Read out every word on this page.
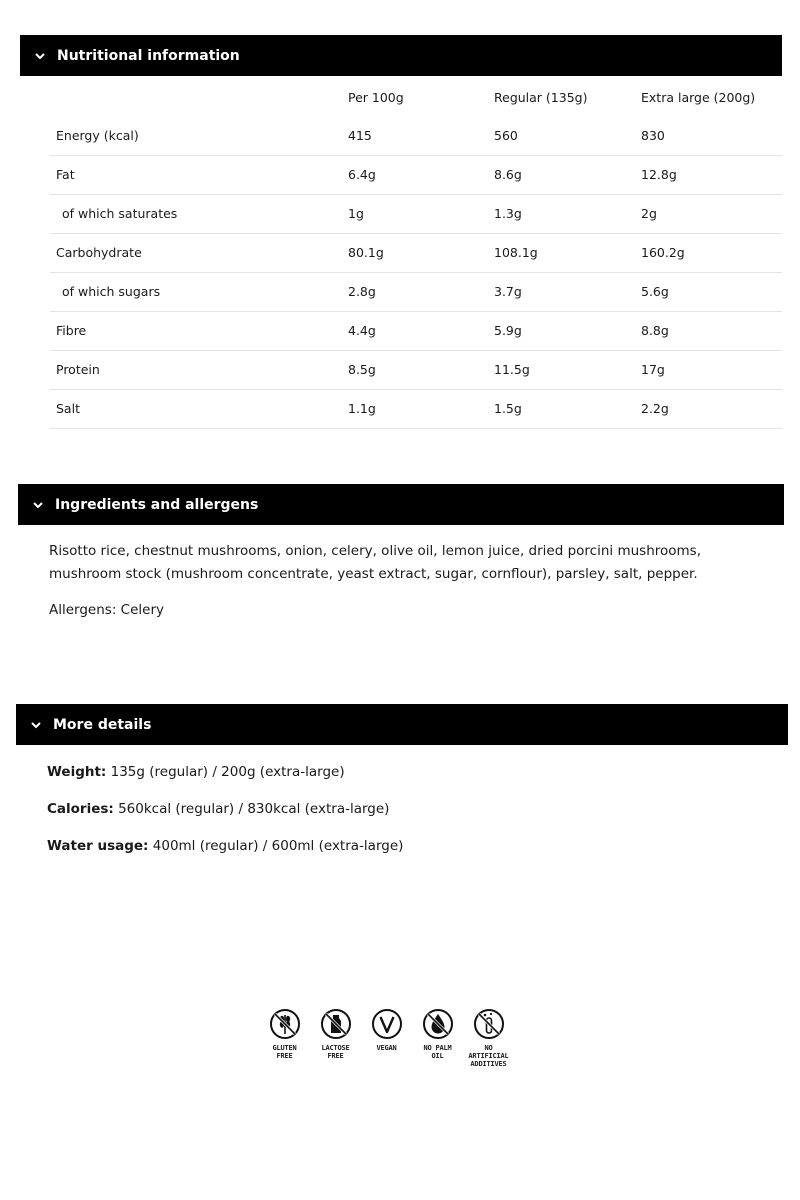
Nutritional information
Per 100g	Regular (135g)	Extra large (200g)
Energy (kcal)	415	560	830
Fat	6.4g	8.6g	12.8g
of which saturates	1g	1.3g	2g
Carbohydrate	80.1g	108.1g	160.2g
of which sugars	2.8g	3.7g	5.6g
Fibre	4.4g	5.9g	8.8g
Protein	8.5g	11.5g	17g
Salt	1.1g	1.5g	2.2g
Ingredients and allergens

Risotto rice, chestnut mushrooms, onion, celery, olive oil, lemon juice, dried porcini mushrooms, mushroom stock (mushroom concentrate, yeast extract, sugar, cornflour), parsley, salt, pepper.

Allergens: Celery
More details
Weight: 135g (regular) / 200g (extra-large)
Calories: 560kcal (regular) / 830kcal (extra-large)
Water usage: 400ml (regular) / 600ml (extra-large)
GLUTEN
FREE
LACTOSE
FREE
VEGAN	NO PALM
OIL
NO
ARTIFICIAL
ADDITIVES
